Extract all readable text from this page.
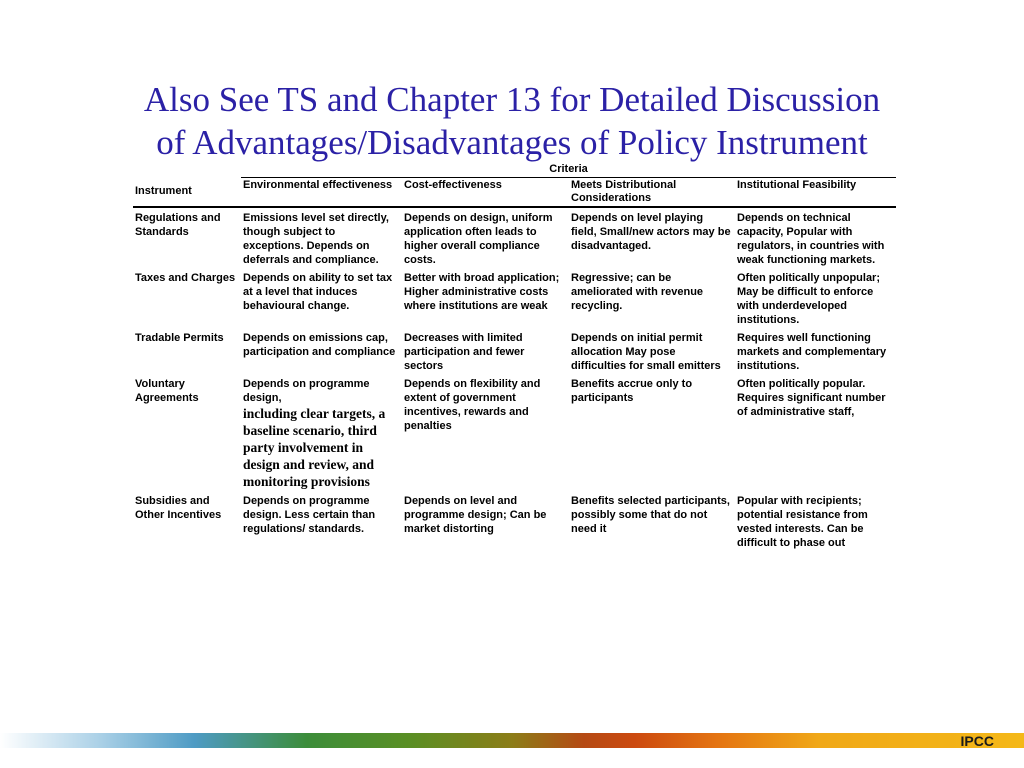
Also See TS and Chapter 13 for Detailed Discussion
of Advantages/Disadvantages of Policy Instrument
	Criteria			
Instrument	Environmental effectiveness	Cost-effectiveness	Meets Distributional Considerations	Institutional Feasibility
Regulations and Standards	Emissions level set directly, though subject to exceptions. Depends on deferrals and compliance.	Depends on design, uniform application often leads to higher overall compliance costs.	Depends on level playing field, Small/new actors may be disadvantaged.	Depends on technical capacity, Popular with regulators, in countries with weak functioning markets.
Taxes and Charges	Depends on ability to set tax at a level that induces behavioural change.	Better with broad application; Higher administrative costs where institutions are weak	Regressive; can be ameliorated with revenue recycling.	Often politically unpopular; May be difficult to enforce with underdeveloped institutions.
Tradable Permits	Depends on emissions cap, participation and compliance	Decreases with limited participation and fewer sectors	Depends on initial permit allocation May pose difficulties for small emitters	Requires well functioning markets and complementary institutions.
Voluntary Agreements	Depends on programme design,
including clear targets, a baseline scenario, third party involvement in design and review, and monitoring provisions	Depends on flexibility and extent of government incentives, rewards and penalties	Benefits accrue only to participants	Often politically popular. Requires significant number of administrative staff,
Subsidies and Other Incentives	Depends on programme design. Less certain than regulations/ standards.	Depends on level and programme design; Can be market distorting	Benefits selected participants, possibly some that do not need it	Popular with recipients; potential resistance from vested interests. Can be difficult to phase out
IPCC
